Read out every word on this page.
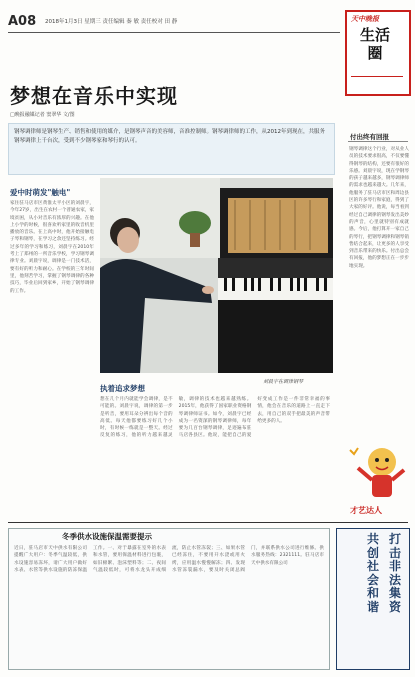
A08 2018年1月3日 星期三 责任编辑 秦 敏 责任校对 田 静	天中晚报
生活圈
梦想在音乐中实现
□晚报融媒记者 窦翠华 文/图
钢琴调律师是钢琴生产、销售和使用的媒介，是钢琴声音的美容师，音准控制师。钢琴调律师的工作，从2012年到现在，共服务钢琴调律上千台次，受到不少钢琴家和琴行的认可。
爱中时萌发"触电"
家住驻马店市区黄淮太平小区的刘晨宇，今年27岁，出生在农村一个普通农家，家境贫困，从小对音乐有浓厚的兴趣。在他上小学的时候，很喜欢听家里的收音机里播放的音乐。在上高中时，他开始接触电子琴和钢琴，在学习之余还坚持练习。经过多年的学习和练习，刘晨宇在2010年考上了郑州的一所音乐学校，学习钢琴调律专业。刘晨宇说，调律是一门技术活，要有好的听力和耐心。在学校的三年时间里，他刻苦学习，掌握了钢琴调律的各种技巧，毕业后回到家乡，开始了钢琴调律的工作。
刘晨宇在调律钢琴
执着追求梦想
想在几个月内就能学会调律，是不可能的。刘晨宇说，调律的第一步是听音，要用耳朵分辨出每个音的高低。每天他都要练习好几个小时，有时候一练就是一整天。经过反复的练习，他的听力越来越灵敏，调律的技术也越来越熟练。2015年，他获得了国家职业资格钢琴调律师证书。如今，刘晨宇已经成为一名资深的钢琴调律师，每年要为几百台钢琴调律，足迹遍布驻马店各县区。他说，能把自己的爱好变成工作是一件非常幸福的事情，他会在音乐的道路上一直走下去，用自己的双手把最美的声音带给更多的人。
付出终有回报
钢琴调律这个行业，对从业人员的技术要求很高，不仅要懂得钢琴的结构，还要有很好的乐感。刘晨宇说，现在学钢琴的孩子越来越多，钢琴调律师的需求也越来越大。几年来，他服务了驻马店市区和周边县区的许多琴行和家庭，得到了大家的好评。他说，每当看到经过自己调律的钢琴发出美妙的声音，心里就特别有成就感。今后，他打算开一家自己的琴行，把钢琴调律和钢琴销售结合起来，让更多的人享受到音乐带来的快乐。付出总会有回报，他的梦想正在一步步地实现。
才艺达人
冬季供水设施保温需要提示
近日，驻马店市天中供水有限公司提醒广大用户：冬季气温较低，供水设施容易冻坏，请广大用户做好水表、水管等供水设施的防冻保温工作。一、对于暴露在室外的水表和水管，要用保温材料进行包裹，如旧棉絮、泡沫塑料等；二、夜间气温较低时，可将水龙头开成细流，防止水管冻裂；三、如果水管已经冻住，不要用开水浇或用火烤，应用温水慢慢解冻；四、发现水管冻裂漏水，要及时关闭总阀门，并联系供水公司进行维修。供水服务热线：2321111。驻马店市天中供水有限公司
打击非法集资
共创社会和谐
